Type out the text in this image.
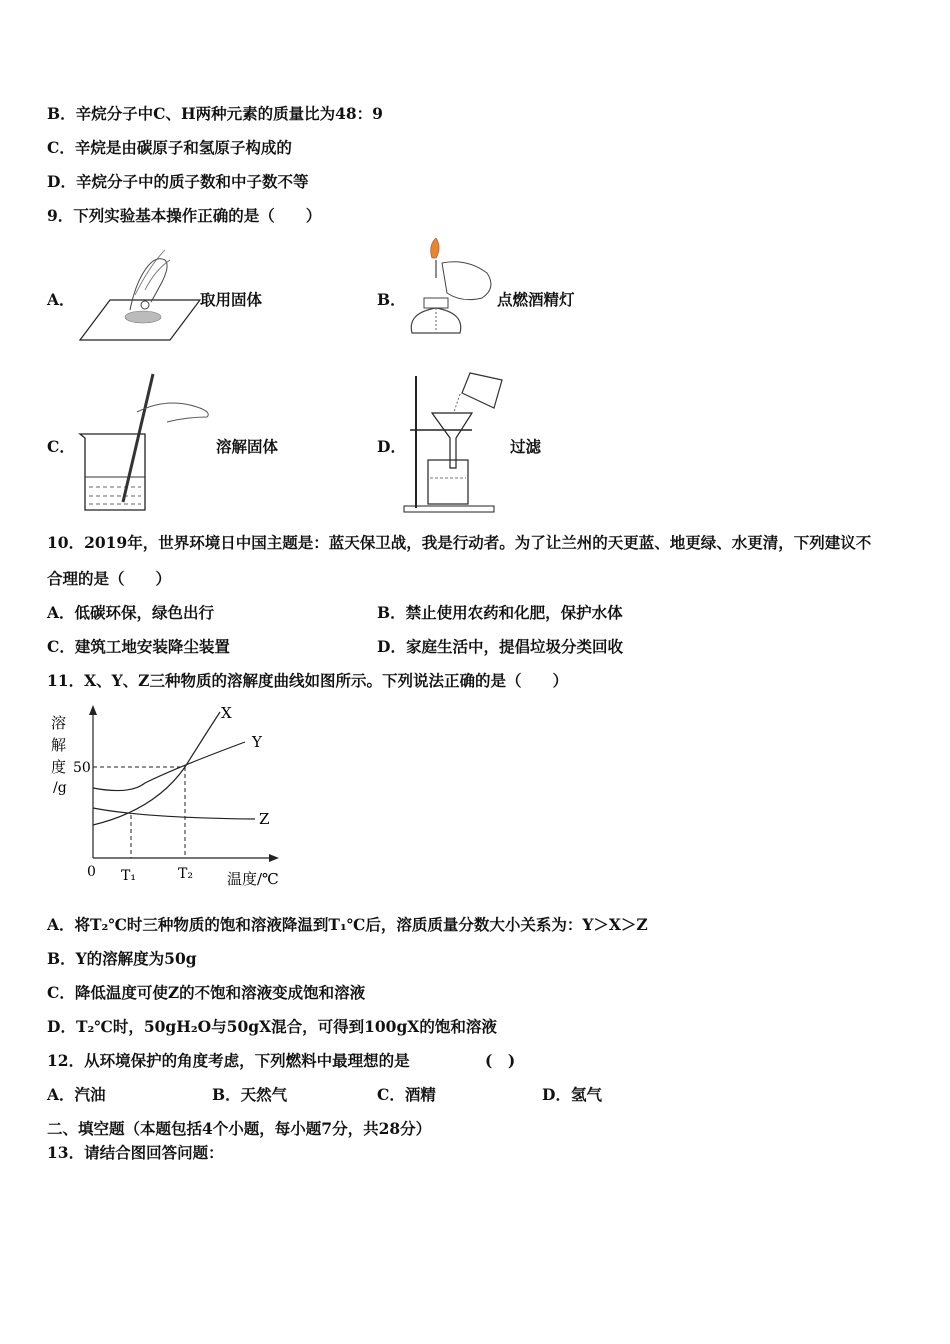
B．辛烷分子中C、H两种元素的质量比为48：9
C．辛烷是由碳原子和氢原子构成的
D．辛烷分子中的质子数和中子数不等
9．下列实验基本操作正确的是（　　）
A．	取用固体	B．	点燃酒精灯
C．	溶解固体	D．	过滤
10．2019年，世界环境日中国主题是：蓝天保卫战，我是行动者。为了让兰州的天更蓝、地更绿、水更清，下列建议不
合理的是（　　）
A．低碳环保，绿色出行	B．禁止使用农药和化肥，保护水体
C．建筑工地安装降尘装置	D．家庭生活中，提倡垃圾分类回收
11．X、Y、Z三种物质的溶解度曲线如图所示。下列说法正确的是（　　）
溶
解
度
/g
50
0 T₁	T₂ 温度/℃
X
Y
Z
A．将T₂℃时三种物质的饱和溶液降温到T₁℃后，溶质质量分数大小关系为：Y＞X＞Z
B．Y的溶解度为50g
C．降低温度可使Z的不饱和溶液变成饱和溶液
D．T₂℃时，50gH₂O与50gX混合，可得到100gX的饱和溶液
12．从环境保护的角度考虑，下列燃料中最理想的是	(　)
A．汽油	B．天然气	C．酒精	D．氢气
二、填空题（本题包括4个小题，每小题7分，共28分）
13．请结合图回答问题：
